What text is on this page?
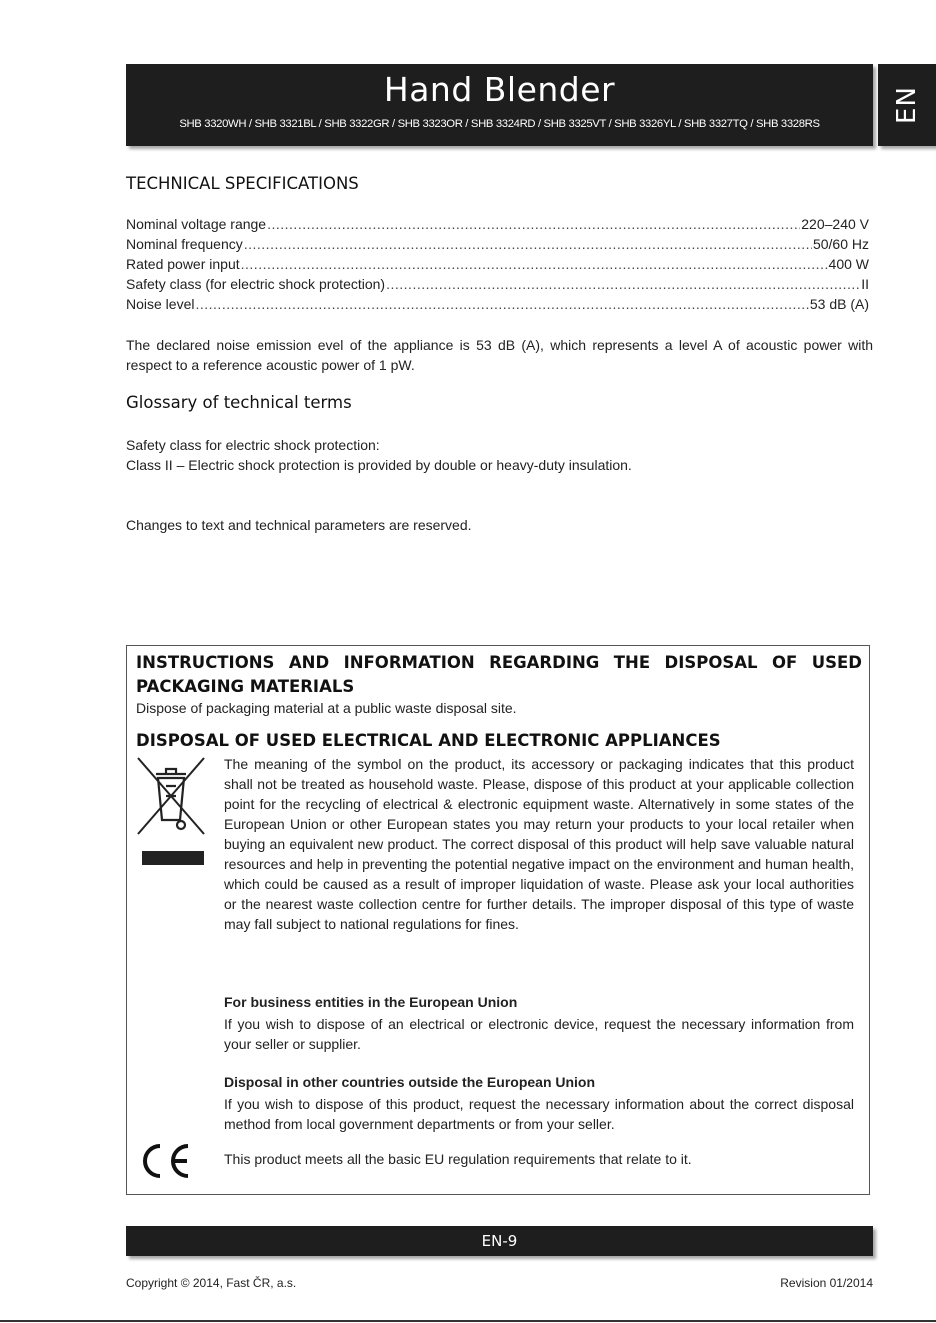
Hand Blender
SHB 3320WH / SHB 3321BL / SHB 3322GR / SHB 3323OR / SHB 3324RD / SHB 3325VT / SHB 3326YL / SHB 3327TQ / SHB 3328RS
EN
TECHNICAL SPECIFICATIONS
Nominal voltage range .....	220–240 V
Nominal frequency .....	50/60 Hz
Rated power input .....	400 W
Safety class (for electric shock protection) .....	II
Noise level .....	53 dB (A)

The declared noise emission evel of the appliance is 53 dB (A), which represents a level A of acoustic power with respect to a reference acoustic power of 1 pW.

Glossary of technical terms

Safety class for electric shock protection:

Class II – Electric shock protection is provided by double or heavy-duty insulation.

Changes to text and technical parameters are reserved.

INSTRUCTIONS AND INFORMATION REGARDING THE DISPOSAL OF USED
PACKAGING MATERIALS

Dispose of packaging material at a public waste disposal site.

DISPOSAL OF USED ELECTRICAL AND ELECTRONIC APPLIANCES

The meaning of the symbol on the product, its accessory or packaging indicates that this product shall not be treated as household waste. Please, dispose of this product at your applicable collection point for the recycling of electrical & electronic equipment waste. Alternatively in some states of the European Union or other European states you may return your products to your local retailer when buying an equivalent new product. The correct disposal of this product will help save valuable natural resources and help in preventing the potential negative impact on the environment and human health, which could be caused as a result of improper liquidation of waste. Please ask your local authorities or the nearest waste collection centre for further details. The improper disposal of this type of waste may fall subject to national regulations for fines.

For business entities in the European Union

If you wish to dispose of an electrical or electronic device, request the necessary information from your seller or supplier.

Disposal in other countries outside the European Union

If you wish to dispose of this product, request the necessary information about the correct disposal method from local government departments or from your seller.

This product meets all the basic EU regulation requirements that relate to it.

EN-9
Copyright © 2014, Fast ČR, a.s.	Revision 01/2014
